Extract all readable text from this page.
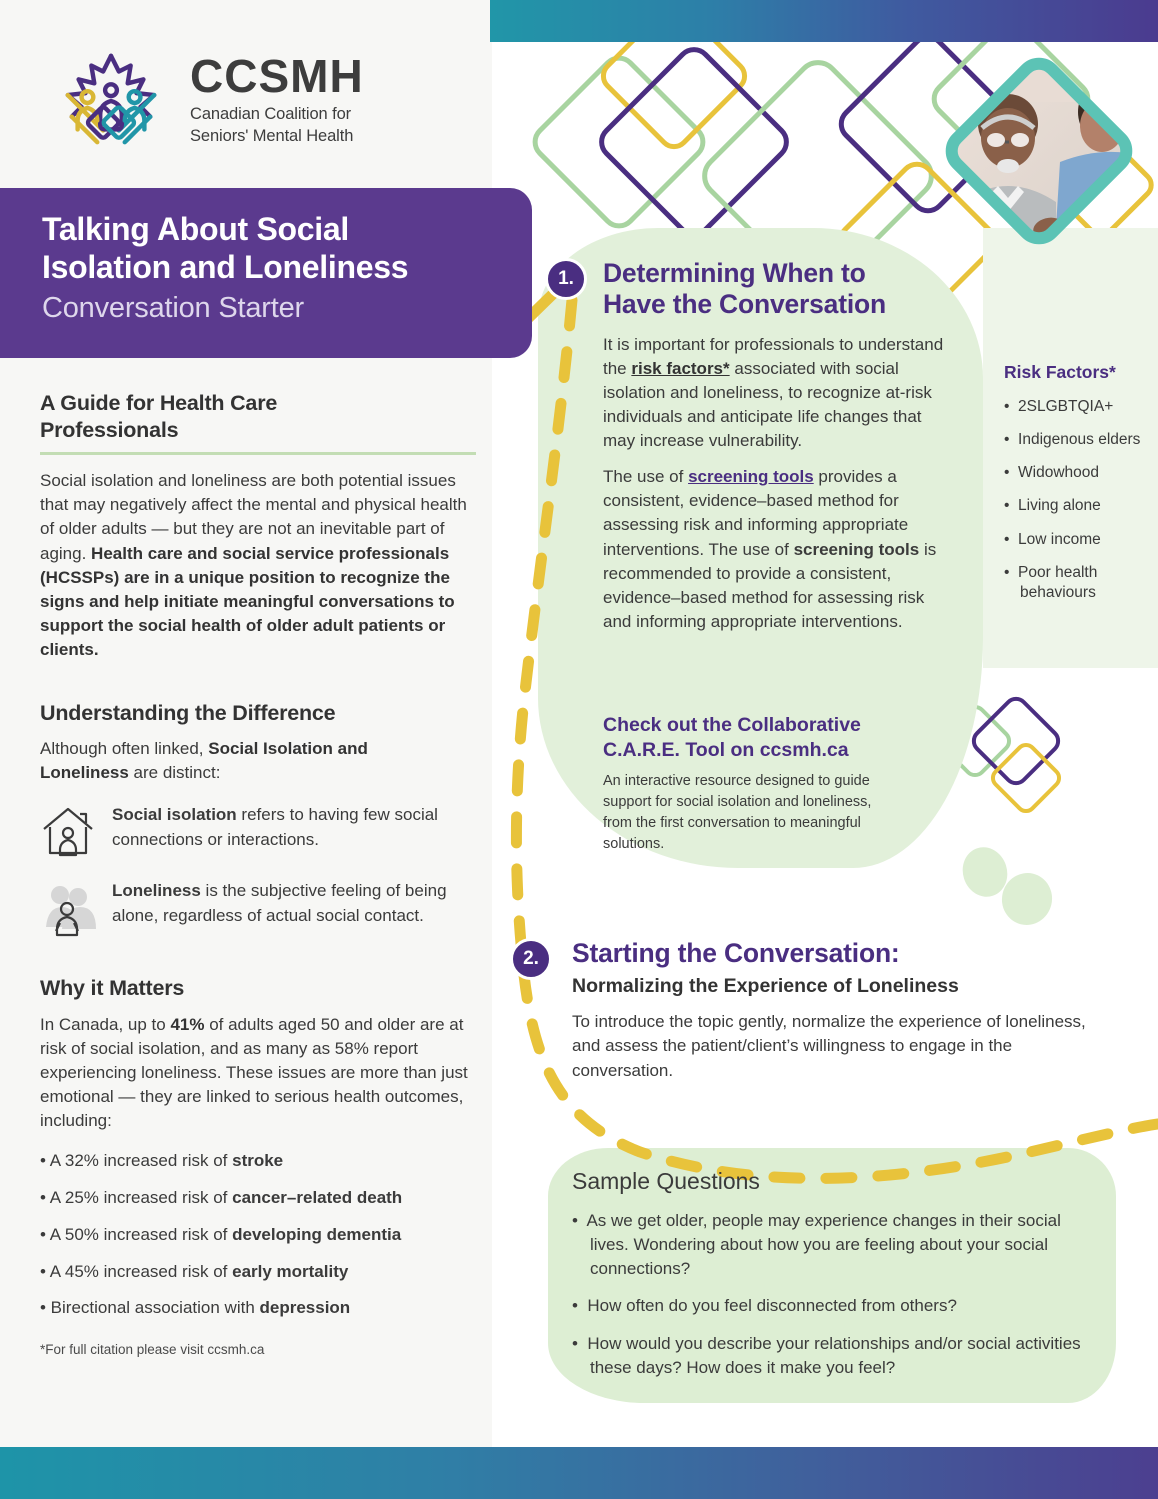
CCSMH
Canadian Coalition for
Seniors' Mental Health
Talking About Social
Isolation and Loneliness
Conversation Starter
A Guide for Health Care
Professionals

Social isolation and loneliness are both potential issues that may negatively affect the mental and physical health of older adults — but they are not an inevitable part of aging. Health care and social service professionals (HCSSPs) are in a unique position to recognize the signs and help initiate meaningful conversations to support the social health of older adult patients or clients.

Understanding the Difference

Although often linked, Social Isolation and Loneliness are distinct:

Social isolation refers to having few social connections or interactions.
Loneliness is the subjective feeling of being alone, regardless of actual social contact.
Why it Matters

In Canada, up to 41% of adults aged 50 and older are at risk of social isolation, and as many as 58% report experiencing loneliness. These issues are more than just emotional — they are linked to serious health outcomes, including:

• A 32% increased risk of stroke
• A 25% increased risk of cancer–related death
• A 50% increased risk of developing dementia
• A 45% increased risk of early mortality
• Birectional association with depression
*For full citation please visit ccsmh.ca
1.	Determining When to
Have the Conversation

It is important for professionals to understand the risk factors* associated with social isolation and loneliness, to recognize at-risk individuals and anticipate life changes that may increase vulnerability.

The use of screening tools provides a consistent, evidence–based method for assessing risk and informing appropriate interventions. The use of screening tools is recommended to provide a consistent, evidence–based method for assessing risk and informing appropriate interventions.

Check out the Collaborative
C.A.R.E. Tool on ccsmh.ca

An interactive resource designed to guide support for social isolation and loneliness, from the first conversation to meaningful solutions.

Risk Factors*
•  2SLGBTQIA+
•  Indigenous elders
•  Widowhood
•  Living alone
•  Low income
•  Poor health behaviours
2.	Starting the Conversation:
Normalizing the Experience of Loneliness

To introduce the topic gently, normalize the experience of loneliness, and assess the patient/client’s willingness to engage in the conversation.

Sample Questions
•  As we get older, people may experience changes in their social lives. Wondering about how you are feeling about your social connections?
•  How often do you feel disconnected from others?
•  How would you describe your relationships and/or social activities these days? How does it make you feel?
